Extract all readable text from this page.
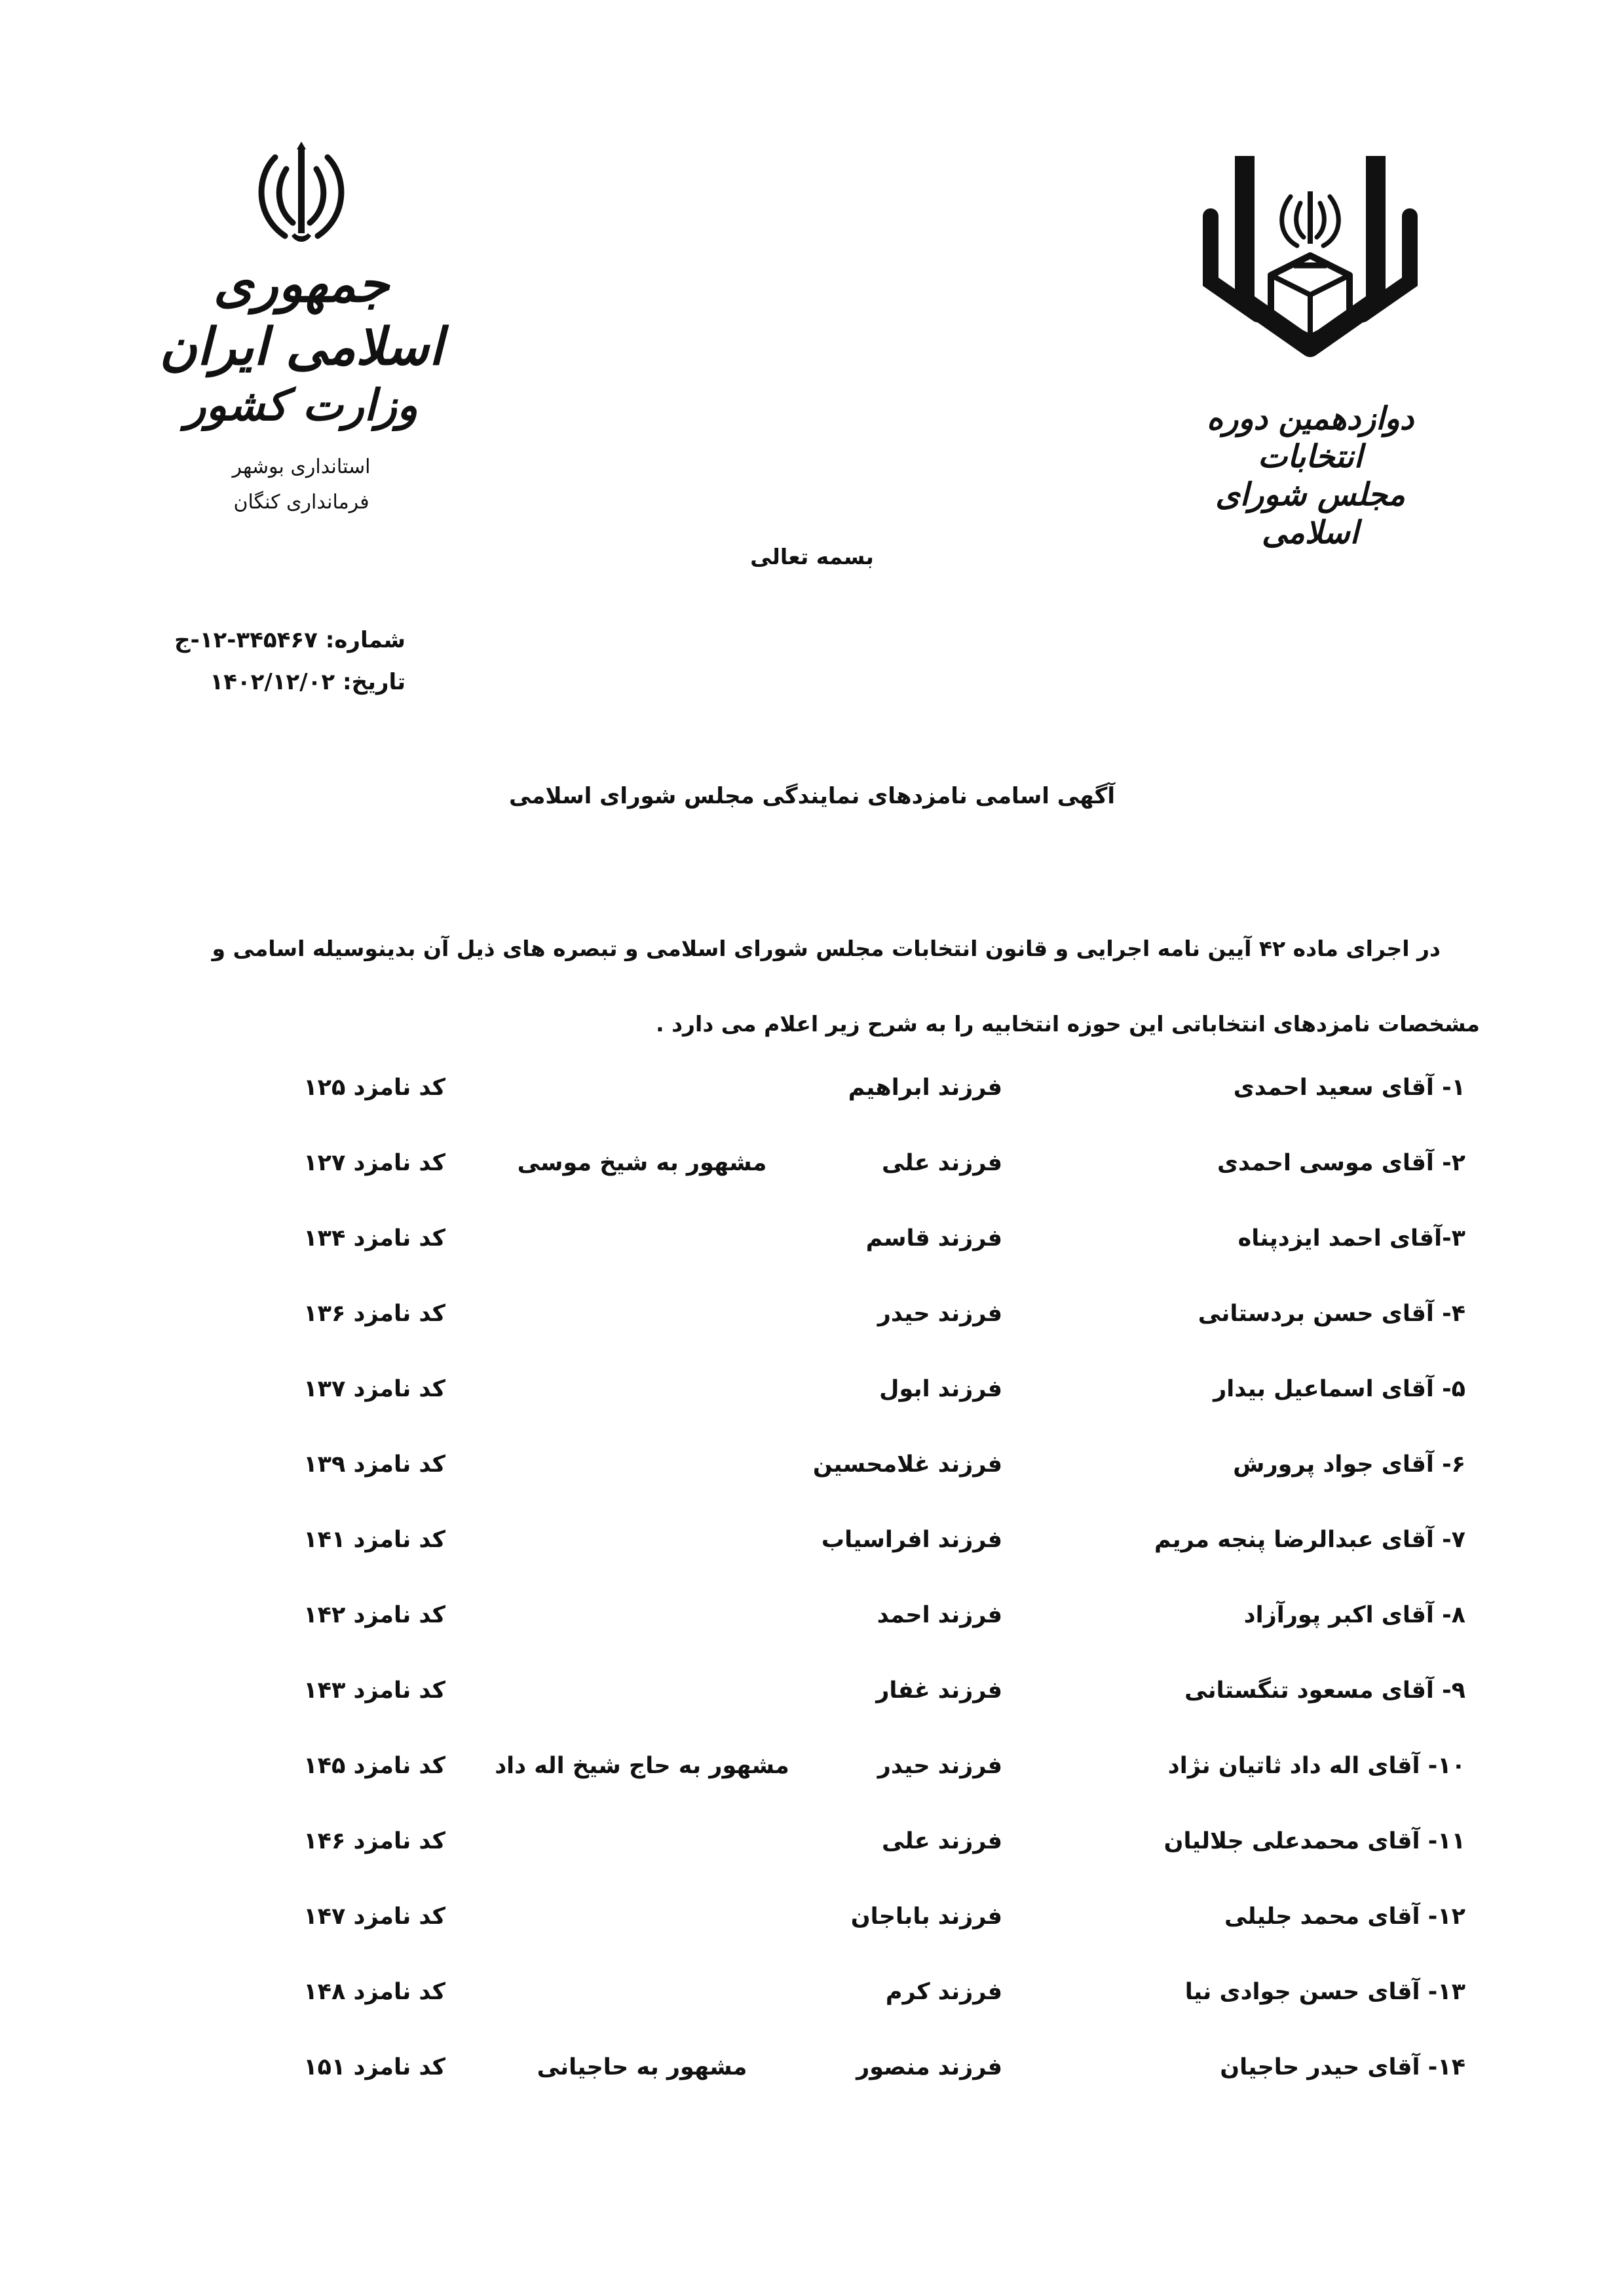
جمهوری اسلامی ایران
وزارت کشور
استانداری بوشهر
فرمانداری کنگان
دوازدهمین دوره انتخابات
مجلس شورای اسلامی
بسمه تعالی
شماره: ۳۴۵۴۶۷-۱۲-ج
تاریخ: ۱۴۰۲/۱۲/۰۲
آگهی اسامی نامزدهای نمایندگی مجلس شورای اسلامی
در اجرای ماده ۴۲ آیین نامه اجرایی و قانون انتخابات مجلس شورای اسلامی و تبصره های ذیل آن بدینوسیله اسامی و
مشخصات نامزدهای انتخاباتی این حوزه انتخابیه را به شرح زیر اعلام می دارد .
۱- آقای سعید احمدی
فرزند ابراهیم
کد نامزد ۱۲۵
۲- آقای موسی احمدی
فرزند علی
مشهور به شیخ موسی
کد نامزد ۱۲۷
۳-آقای احمد ایزدپناه
فرزند قاسم
کد نامزد ۱۳۴
۴- آقای حسن بردستانی
فرزند حیدر
کد نامزد ۱۳۶
۵- آقای اسماعیل بیدار
فرزند ابول
کد نامزد ۱۳۷
۶- آقای جواد پرورش
فرزند غلامحسین
کد نامزد ۱۳۹
۷- آقای عبدالرضا پنجه مریم
فرزند افراسیاب
کد نامزد ۱۴۱
۸- آقای اکبر پورآزاد
فرزند احمد
کد نامزد ۱۴۲
۹- آقای مسعود تنگستانی
فرزند غفار
کد نامزد ۱۴۳
۱۰- آقای اله داد ثاتیان نژاد
فرزند حیدر
مشهور به حاج شیخ اله داد
کد نامزد ۱۴۵
۱۱- آقای محمدعلی جلالیان
فرزند علی
کد نامزد ۱۴۶
۱۲- آقای محمد جلیلی
فرزند باباجان
کد نامزد ۱۴۷
۱۳- آقای حسن جوادی نیا
فرزند کرم
کد نامزد ۱۴۸
۱۴- آقای حیدر حاجیان
فرزند منصور
مشهور به حاجیانی
کد نامزد ۱۵۱
